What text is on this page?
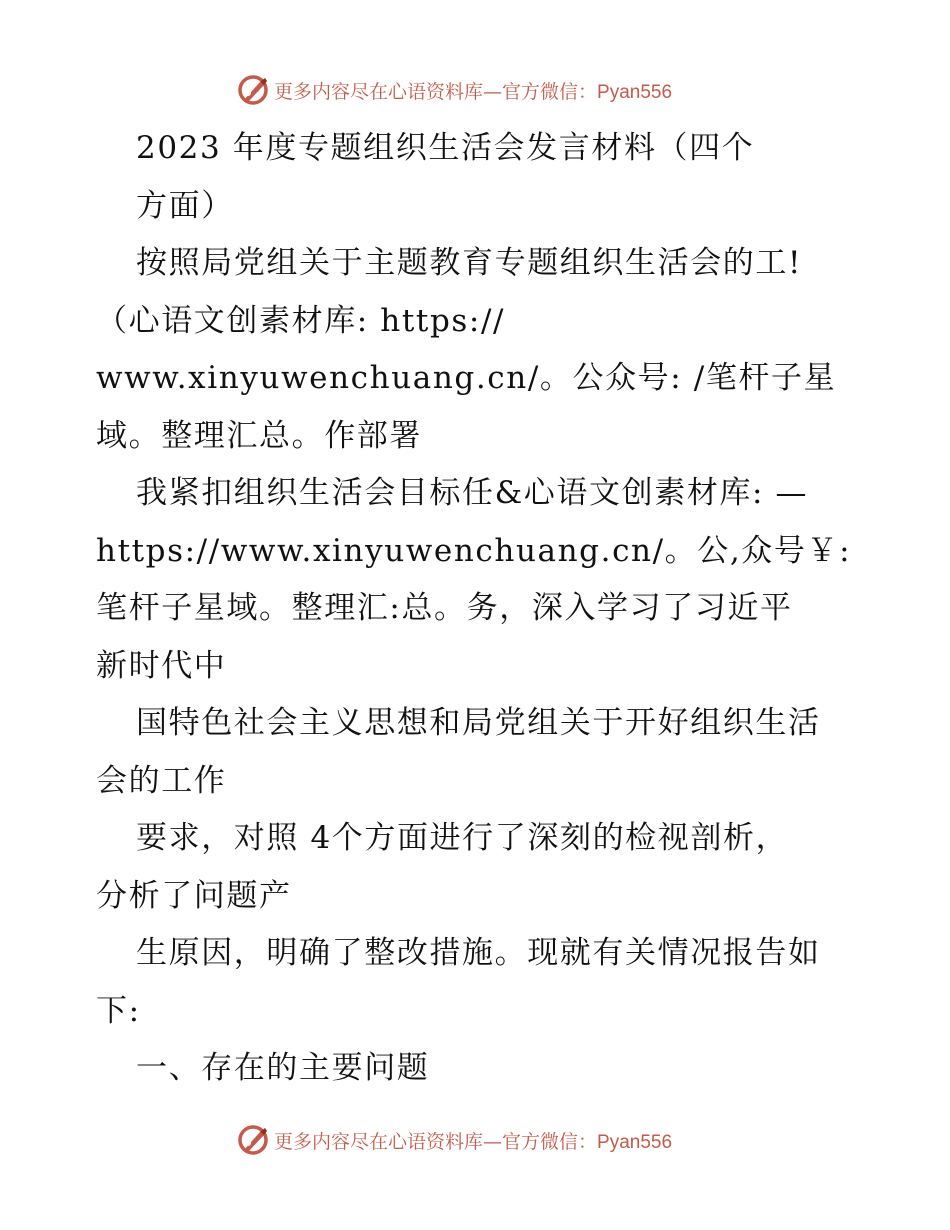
更多内容尽在心语资料库—官方微信：Pyan556
2023 年度专题组织生活会发言材料（四个
方面）
按照局党组关于主题教育专题组织生活会的工!
（心语文创素材库: https://
www.xinyuwenchuang.cn/。公众号: /笔杆子星
域。整理汇总。作部署
我紧扣组织生活会目标任&心语文创素材库: —
https://www.xinyuwenchuang.cn/。公,众号￥:
笔杆子星域。整理汇:总。务，深入学习了习近平
新时代中
国特色社会主义思想和局党组关于开好组织生活
会的工作
要求，对照 4个方面进行了深刻的检视剖析，
分析了问题产
生原因，明确了整改措施。现就有关情况报告如
下:
一、存在的主要问题
更多内容尽在心语资料库—官方微信：Pyan556
